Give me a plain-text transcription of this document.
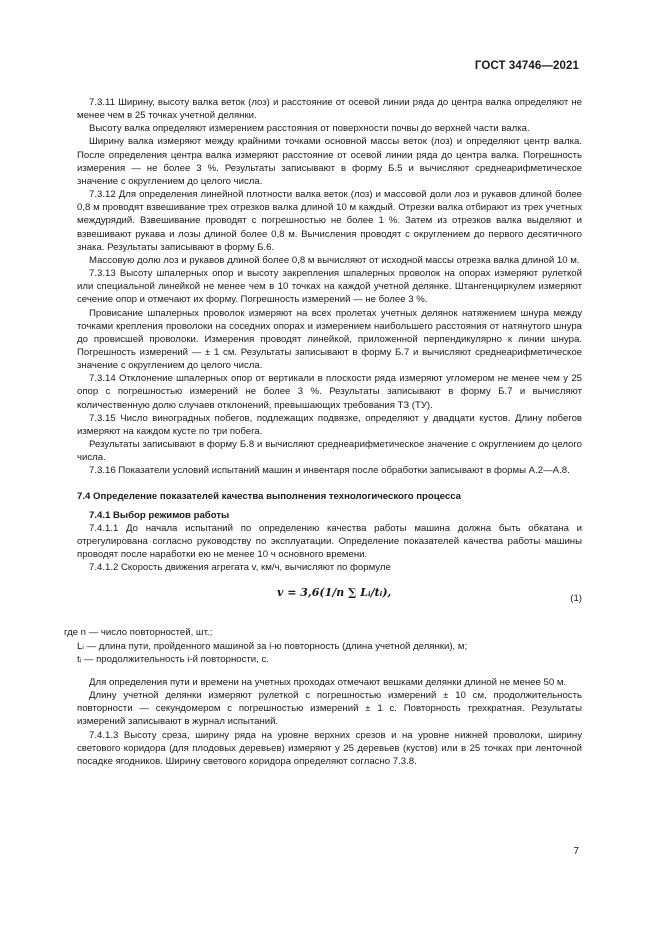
ГОСТ 34746—2021

7.3.11 Ширину, высоту валка веток (лоз) и расстояние от осевой линии ряда до центра валка определяют не менее чем в 25 точках учетной делянки.

Высоту валка определяют измерением расстояния от поверхности почвы до верхней части валка.

Ширину валка измеряют между крайними точками основной массы веток (лоз) и определяют центр валка. После определения центра валка измеряют расстояние от осевой линии ряда до центра валка. Погрешность измерения — не более 3 %. Результаты записывают в форму Б.5 и вычисляют среднеарифметическое значение с округлением до целого числа.

7.3.12 Для определения линейной плотности валка веток (лоз) и массовой доли лоз и рукавов длиной более 0,8 м проводят взвешивание трех отрезков валка длиной 10 м каждый. Отрезки валка отбирают из трех учетных междурядий. Взвешивание проводят с погрешностью не более 1 %. Затем из отрезков валка выделяют и взвешивают рукава и лозы длиной более 0,8 м. Вычисления проводят с округлением до первого десятичного знака. Результаты записывают в форму Б.6.

Массовую долю лоз и рукавов длиной более 0,8 м вычисляют от исходной массы отрезка валка длиной 10 м.

7.3.13 Высоту шпалерных опор и высоту закрепления шпалерных проволок на опорах измеряют рулеткой или специальной линейкой не менее чем в 10 точках на каждой учетной делянке. Штангенциркулем измеряют сечение опор и отмечают их форму. Погрешность измерений — не более 3 %.

Провисание шпалерных проволок измеряют на всех пролетах учетных делянок натяжением шнура между точками крепления проволоки на соседних опорах и измерением наибольшего расстояния от натянутого шнура до провисшей проволоки. Измерения проводят линейкой, приложенной перпендикулярно к линии шнура. Погрешность измерений — ± 1 см. Результаты записывают в форму Б.7 и вычисляют среднеарифметическое значение с округлением до целого числа.

7.3.14 Отклонение шпалерных опор от вертикали в плоскости ряда измеряют угломером не менее чем у 25 опор с погрешностью измерений не более 3 %. Результаты записывают в форму Б.7 и вычисляют количественную долю случаев отклонений, превышающих требования ТЗ (ТУ).

7.3.15 Число виноградных побегов, подлежащих подвязке, определяют у двадцати кустов. Длину побегов измеряют на каждом кусте по три побега.

Результаты записывают в форму Б.8 и вычисляют среднеарифметическое значение с округлением до целого числа.

7.3.16 Показатели условий испытаний машин и инвентаря после обработки записывают в формы А.2—А.8.

7.4 Определение показателей качества выполнения технологического процесса

7.4.1 Выбор режимов работы

7.4.1.1 До начала испытаний по определению качества работы машина должна быть обкатана и отрегулирована согласно руководству по эксплуатации. Определение показателей качества работы машины проводят после наработки ею не менее 10 ч основного времени.

7.4.1.2 Скорость движения агрегата v, км/ч, вычисляют по формуле

v = 3,6(1/n ∑ Lᵢ/tᵢ),	(1)

где n — число повторностей, шт.;

Lᵢ — длина пути, пройденного машиной за i-ю повторность (длина учетной делянки), м;

tᵢ — продолжительность i-й повторности, с.

Для определения пути и времени на учетных проходах отмечают вешками делянки длиной не менее 50 м.

Длину учетной делянки измеряют рулеткой с погрешностью измерений ± 10 см, продолжительность повторности — секундомером с погрешностью измерений ± 1 с. Повторность трехкратная. Результаты измерений записывают в журнал испытаний.

7.4.1.3 Высоту среза, ширину ряда на уровне верхних срезов и на уровне нижней проволоки, ширину светового коридора (для плодовых деревьев) измеряют у 25 деревьев (кустов) или в 25 точках при ленточной посадке ягодников. Ширину светового коридора определяют согласно 7.3.8.

7
